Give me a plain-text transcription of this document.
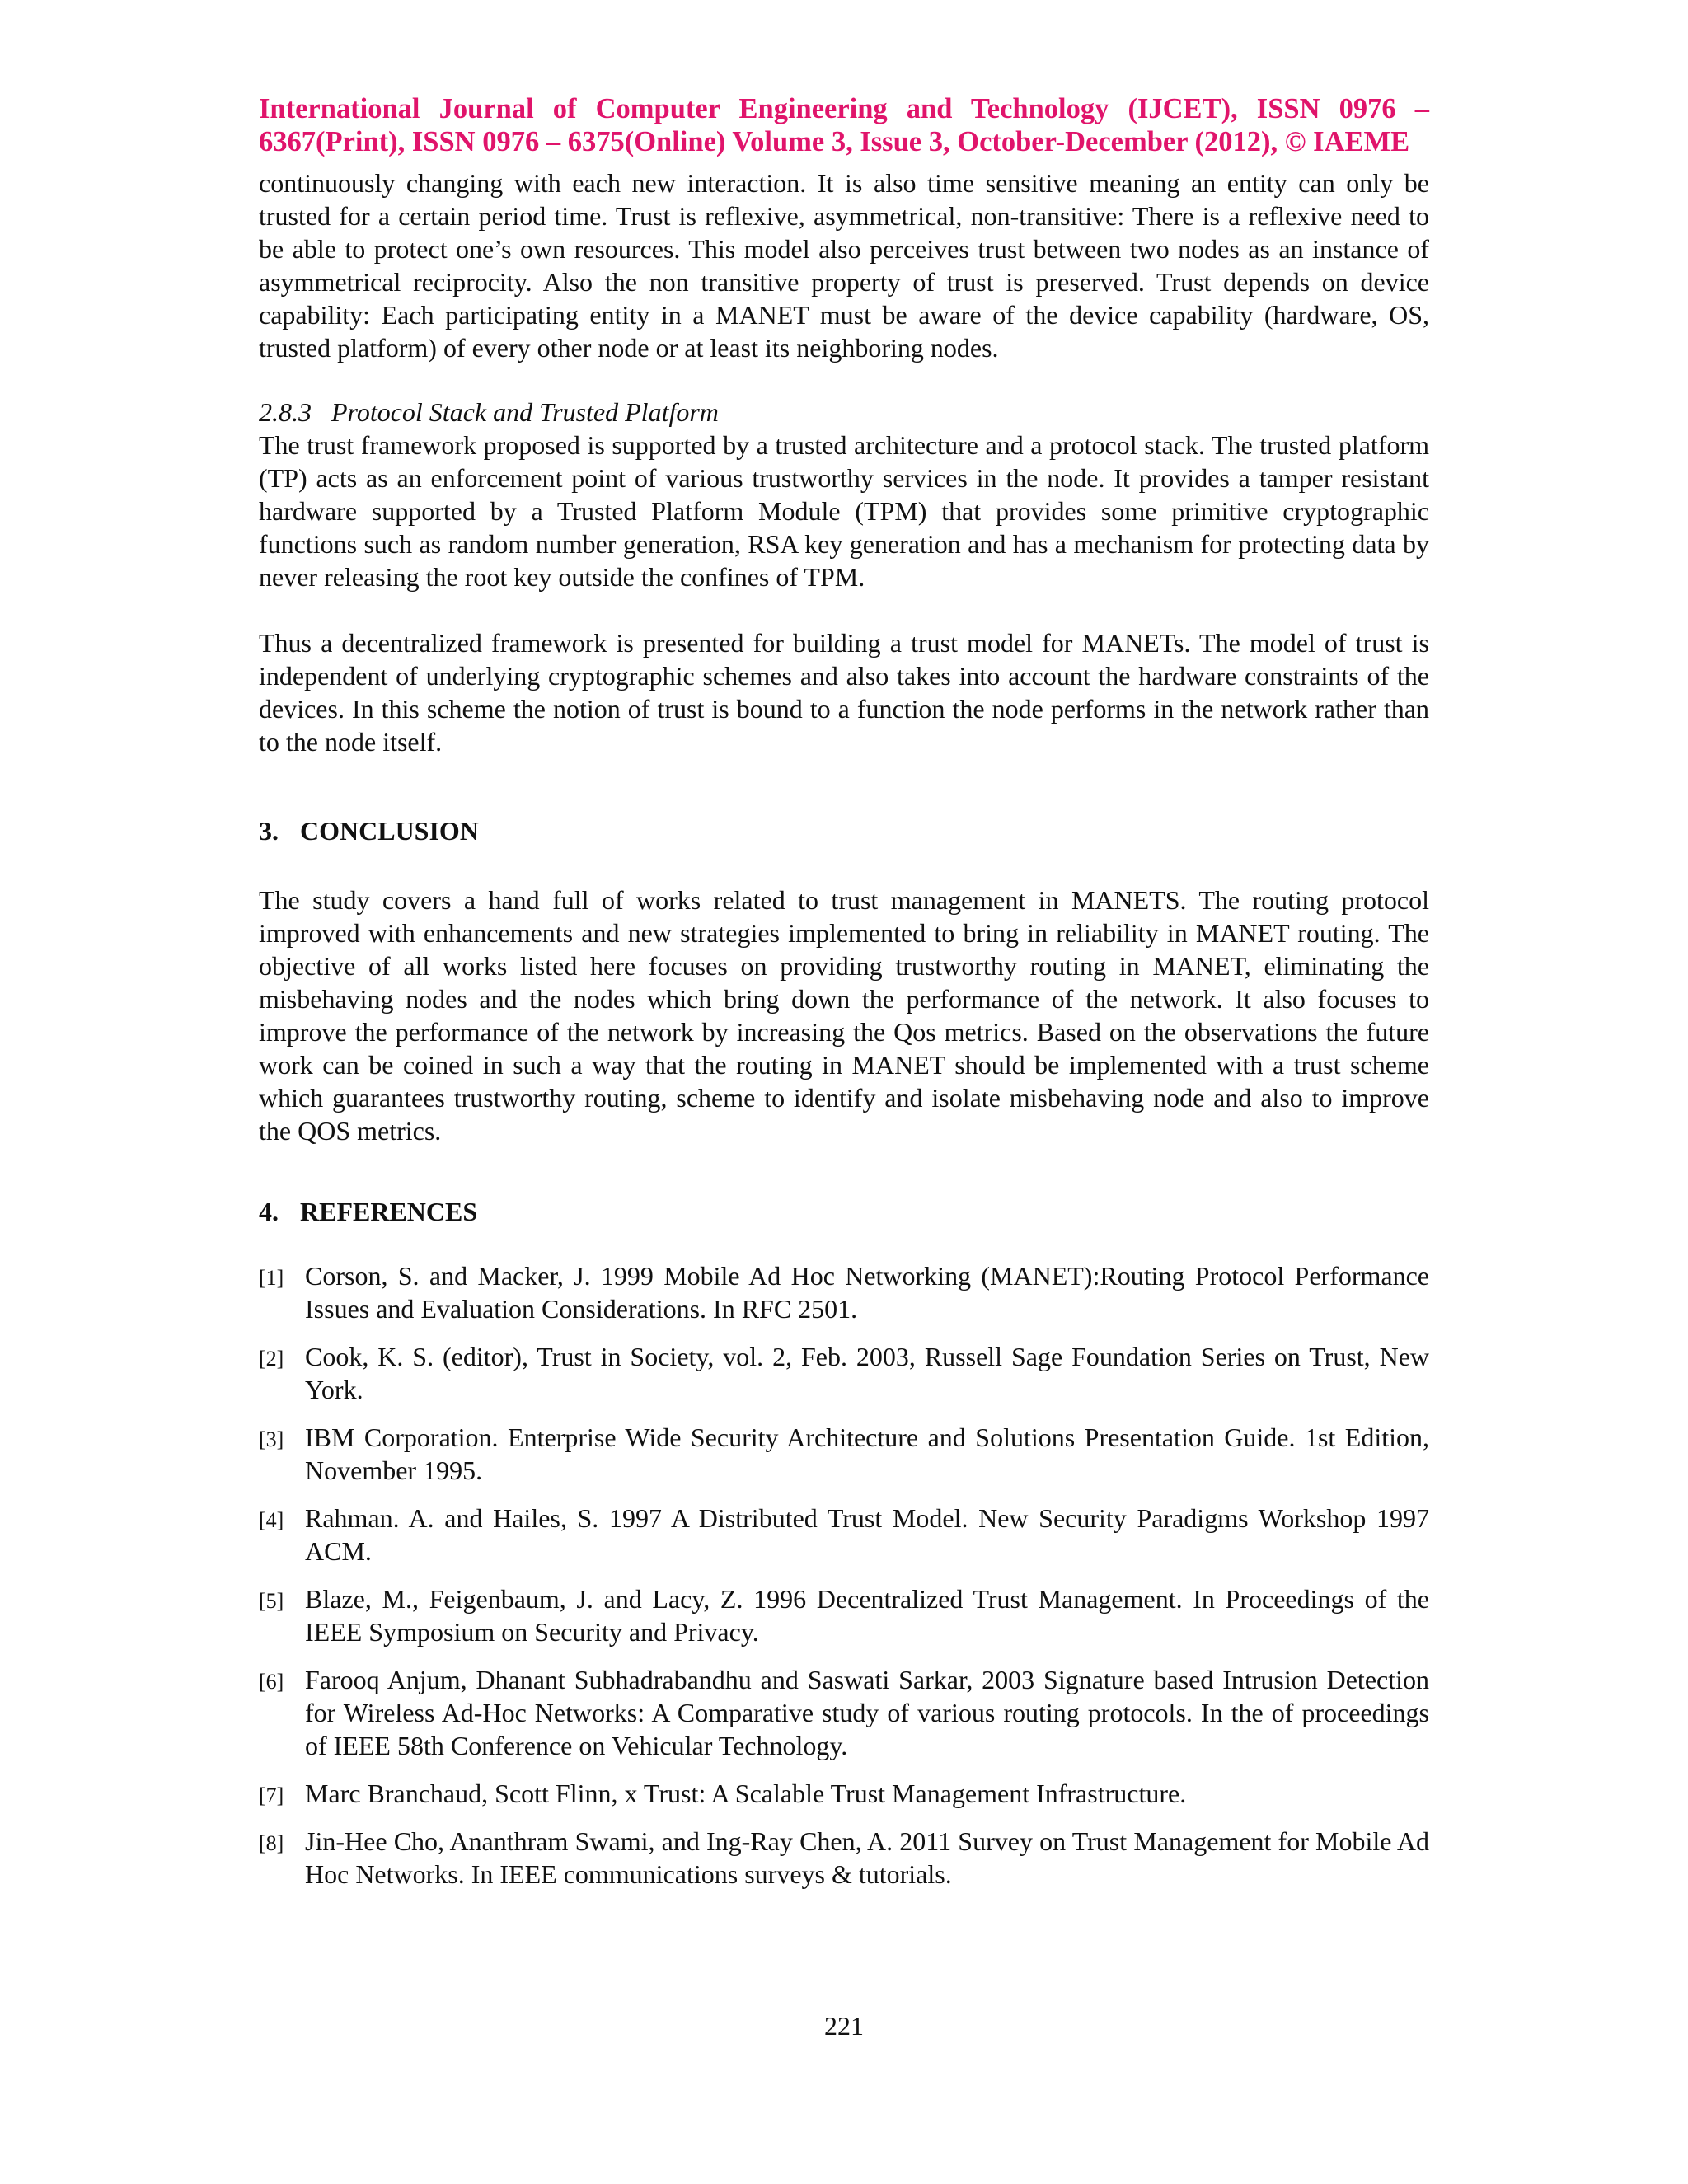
International Journal of Computer Engineering and Technology (IJCET), ISSN 0976 – 6367(Print), ISSN 0976 – 6375(Online) Volume 3, Issue 3, October-December (2012), © IAEME

continuously changing with each new interaction. It is also time sensitive meaning an entity can only be trusted for a certain period time. Trust is reflexive, asymmetrical, non-transitive: There is a reflexive need to be able to protect one’s own resources. This model also perceives trust between two nodes as an instance of asymmetrical reciprocity. Also the non transitive property of trust is preserved. Trust depends on device capability: Each participating entity in a MANET must be aware of the device capability (hardware, OS, trusted platform) of every other node or at least its neighboring nodes.

2.8.3 Protocol Stack and Trusted Platform

The trust framework proposed is supported by a trusted architecture and a protocol stack. The trusted platform (TP) acts as an enforcement point of various trustworthy services in the node. It provides a tamper resistant hardware supported by a Trusted Platform Module (TPM) that provides some primitive cryptographic functions such as random number generation, RSA key generation and has a mechanism for protecting data by never releasing the root key outside the confines of TPM.

Thus a decentralized framework is presented for building a trust model for MANETs. The model of trust is independent of underlying cryptographic schemes and also takes into account the hardware constraints of the devices. In this scheme the notion of trust is bound to a function the node performs in the network rather than to the node itself.

3. CONCLUSION

The study covers a hand full of works related to trust management in MANETS. The routing protocol improved with enhancements and new strategies implemented to bring in reliability in MANET routing. The objective of all works listed here focuses on providing trustworthy routing in MANET, eliminating the misbehaving nodes and the nodes which bring down the performance of the network. It also focuses to improve the performance of the network by increasing the Qos metrics. Based on the observations the future work can be coined in such a way that the routing in MANET should be implemented with a trust scheme which guarantees trustworthy routing, scheme to identify and isolate misbehaving node and also to improve the QOS metrics.

4. REFERENCES
[1] Corson, S. and Macker, J. 1999 Mobile Ad Hoc Networking (MANET):Routing Protocol Performance Issues and Evaluation Considerations. In RFC 2501.
[2] Cook, K. S. (editor), Trust in Society, vol. 2, Feb. 2003, Russell Sage Foundation Series on Trust, New York.
[3] IBM Corporation. Enterprise Wide Security Architecture and Solutions Presentation Guide. 1st Edition, November 1995.
[4] Rahman. A. and Hailes, S. 1997 A Distributed Trust Model. New Security Paradigms Workshop 1997 ACM.
[5] Blaze, M., Feigenbaum, J. and Lacy, Z. 1996 Decentralized Trust Management. In Proceedings of the IEEE Symposium on Security and Privacy.
[6] Farooq Anjum, Dhanant Subhadrabandhu and Saswati Sarkar, 2003 Signature based Intrusion Detection for Wireless Ad-Hoc Networks: A Comparative study of various routing protocols. In the of proceedings of IEEE 58th Conference on Vehicular Technology.
[7] Marc Branchaud, Scott Flinn, x Trust: A Scalable Trust Management Infrastructure.
[8] Jin-Hee Cho, Ananthram Swami, and Ing-Ray Chen, A. 2011 Survey on Trust Management for Mobile Ad Hoc Networks. In IEEE communications surveys & tutorials.
221
